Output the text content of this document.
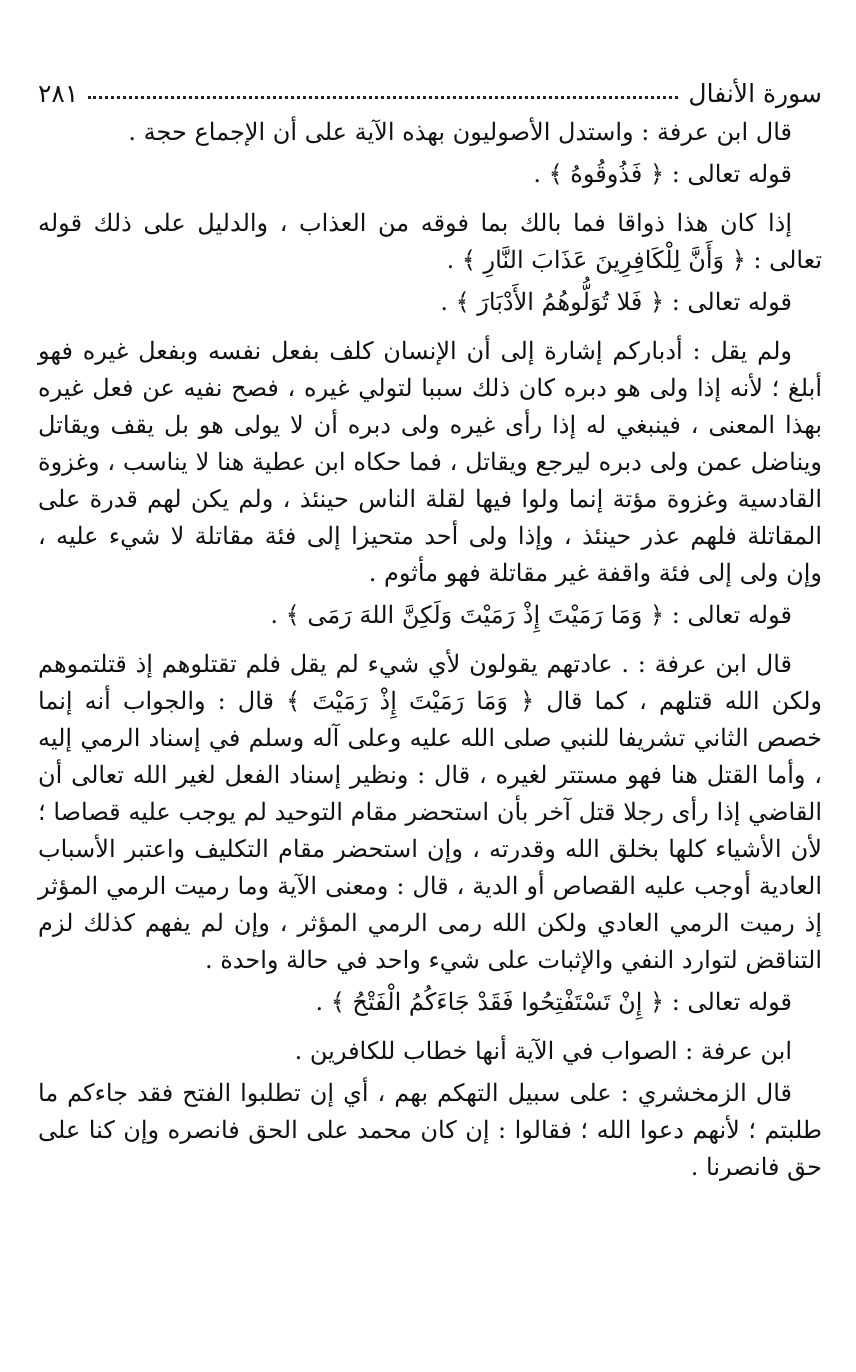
سورة الأنفال
٢٨١

قال ابن عرفة : واستدل الأصوليون بهذه الآية على أن الإجماع حجة .

قوله تعالى : ﴿ فَذُوقُوهُ ﴾ .

إذا كان هذا ذواقا فما بالك بما فوقه من العذاب ، والدليل على ذلك قوله تعالى : ﴿ وَأَنَّ لِلْكَافِرِينَ عَذَابَ النَّارِ ﴾ .

قوله تعالى : ﴿ فَلا تُوَلُّوهُمُ الأَدْبَارَ ﴾ .

ولم يقل : أدباركم إشارة إلى أن الإنسان كلف بفعل نفسه وبفعل غيره فهو أبلغ ؛ لأنه إذا ولى هو دبره كان ذلك سببا لتولي غيره ، فصح نفيه عن فعل غيره بهذا المعنى ، فينبغي له إذا رأى غيره ولى دبره أن لا يولى هو بل يقف ويقاتل ويناضل عمن ولى دبره ليرجع ويقاتل ، فما حكاه ابن عطية هنا لا يناسب ، وغزوة القادسية وغزوة مؤتة إنما ولوا فيها لقلة الناس حينئذ ، ولم يكن لهم قدرة على المقاتلة فلهم عذر حينئذ ، وإذا ولى أحد متحيزا إلى فئة مقاتلة لا شيء عليه ، وإن ولى إلى فئة واقفة غير مقاتلة فهو مأثوم .

قوله تعالى : ﴿ وَمَا رَمَيْتَ إِذْ رَمَيْتَ وَلَكِنَّ اللهَ رَمَى ﴾ .

قال ابن عرفة : . عادتهم يقولون لأي شيء لم يقل فلم تقتلوهم إذ قتلتموهم ولكن الله قتلهم ، كما قال ﴿ وَمَا رَمَيْتَ إِذْ رَمَيْتَ ﴾ قال : والجواب أنه إنما خصص الثاني تشريفا للنبي صلى الله عليه وعلى آله وسلم في إسناد الرمي إليه ، وأما القتل هنا فهو مستتر لغيره ، قال : ونظير إسناد الفعل لغير الله تعالى أن القاضي إذا رأى رجلا قتل آخر بأن استحضر مقام التوحيد لم يوجب عليه قصاصا ؛ لأن الأشياء كلها بخلق الله وقدرته ، وإن استحضر مقام التكليف واعتبر الأسباب العادية أوجب عليه القصاص أو الدية ، قال : ومعنى الآية وما رميت الرمي المؤثر إذ رميت الرمي العادي ولكن الله رمى الرمي المؤثر ، وإن لم يفهم كذلك لزم التناقض لتوارد النفي والإثبات على شيء واحد في حالة واحدة .

قوله تعالى : ﴿ إِنْ تَسْتَفْتِحُوا فَقَدْ جَاءَكُمُ الْفَتْحُ ﴾ .

ابن عرفة : الصواب في الآية أنها خطاب للكافرين .

قال الزمخشري : على سبيل التهكم بهم ، أي إن تطلبوا الفتح فقد جاءكم ما طلبتم ؛ لأنهم دعوا الله ؛ فقالوا : إن كان محمد على الحق فانصره وإن كنا على حق فانصرنا .
